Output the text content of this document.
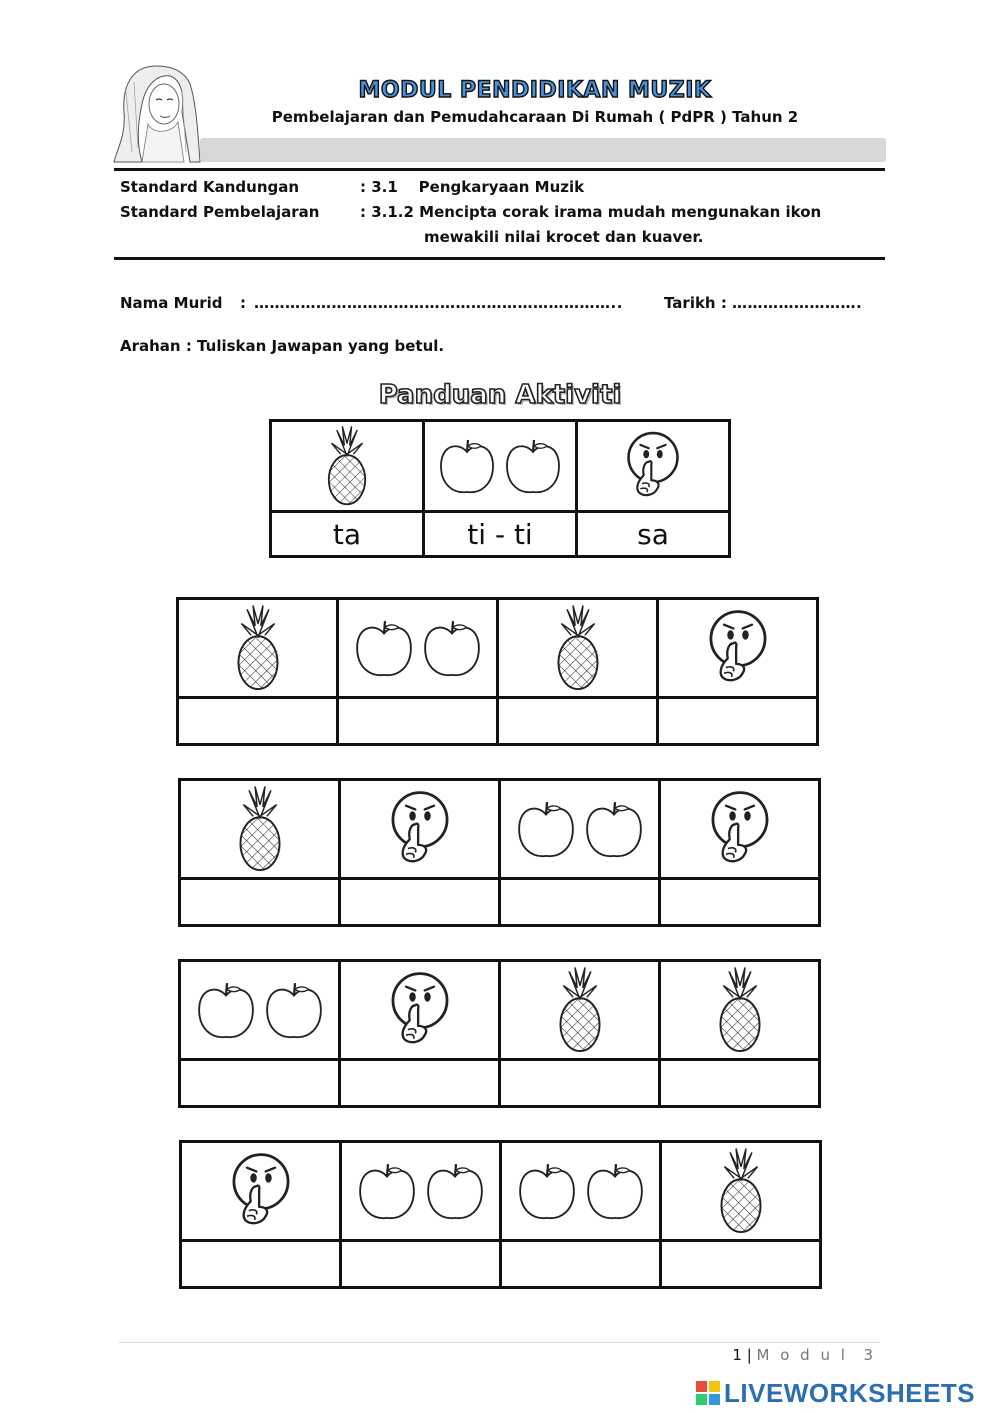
MODUL PENDIDIKAN MUZIK
Pembelajaran dan Pemudahcaraan Di Rumah ( PdPR ) Tahun 2
Standard Kandungan	: 3.1    Pengkaryaan Muzik
Standard Pembelajaran	: 3.1.2 Mencipta corak irama mudah mengunakan ikon
mewakili nilai krocet dan kuaver.
Nama Murid : ……………………………………………………………..	Tarikh : …………………….
Arahan : Tuliskan Jawapan yang betul.
Panduan Aktiviti

ta	ti - ti	sa

1 | M o d u l  3
LIVEWORKSHEETS
